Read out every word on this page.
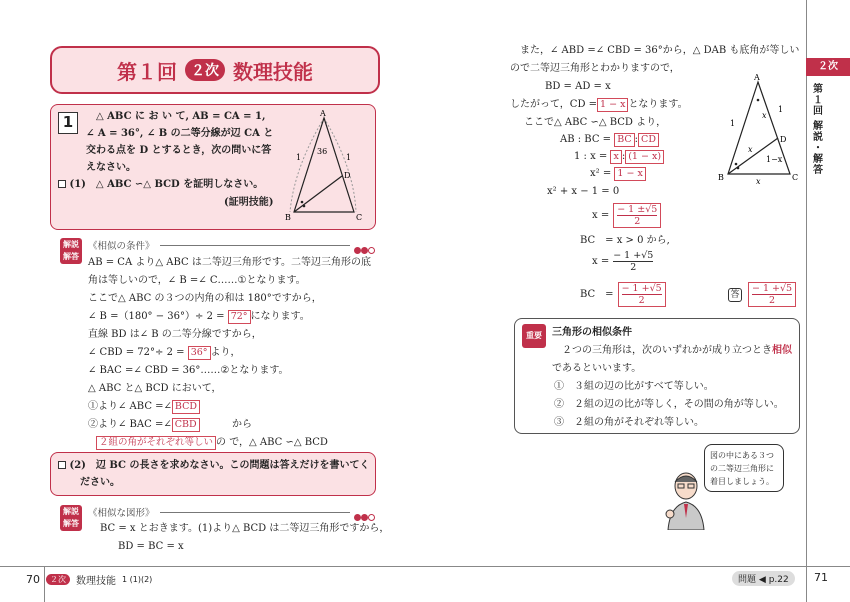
第１回	２次 数理技能
1	△ ABC に お い て, AB = CA = 1,
∠ A = 36°, ∠ B の二等分線が辺 CA と
交わる点を D とするとき，次の問いに答
えなさい。
(1)　△ ABC ∽△ BCD を証明しなさい。
(証明技能)
A
B	C
D
36
1	1
解説
解答
《相似の条件》
AB = CA より△ ABC は二等辺三角形です。二等辺三角形の底
角は等しいので，∠ B =∠ C……①となります。
ここで△ ABC の３つの内角の和は 180°ですから，
∠ B =（180° − 36°）÷ 2 = 72° になります。
直線 BD は∠ B の二等分線ですから，
∠ CBD = 72°÷ 2 = 36° より，
∠ BAC =∠ CBD = 36°……②となります。
△ ABC と△ BCD において，
①より∠ ABC =∠ BCD
②より∠ BAC =∠ CBD	から
２組の角がそれぞれ等しい の で，△ ABC ∽△ BCD
(2)　辺 BC の長さを求めなさい。この問題は答えだけを書いてく
ださい。
解説
解答
《相似な図形》
BC = x とおきます。(1)より△ BCD は二等辺三角形ですから，
BD = BC = x
70	２次	数理技能 1 (1)(2)
また，∠ ABD =∠ CBD = 36°から，△ DAB も底角が等しい
ので二等辺三角形とわかりますので，
BD = AD = x
したがって，CD = 1 − x となります。
ここで△ ABC ∽△ BCD より，
AB : BC = BC : CD
1 : x = x : (1 − x)
x² = 1 − x
x² + x − 1 = 0
$x = \frac{- 1 \pm√5}{2}$
BC　= x > 0 から,
$x = \frac{- 1 +√5}{2}$
BC　= $\frac{- 1 +√5}{2}$	答 $\frac{- 1 +√5}{2}$
A
B	C
D
x
x
x
1
1
1−x
重要	三角形の相似条件
２つの三角形は，次のいずれかが成り立つとき相似
であるといいます。
①　３組の辺の比がすべて等しい。
②　２組の辺の比が等しく，その間の角が等しい。
③　２組の角がそれぞれ等しい。
図の中にある３つ
の二等辺三角形に
着目しましょう。
２次
第
１
回
解
説
・
解
答
問題 ◀ p.22	71
